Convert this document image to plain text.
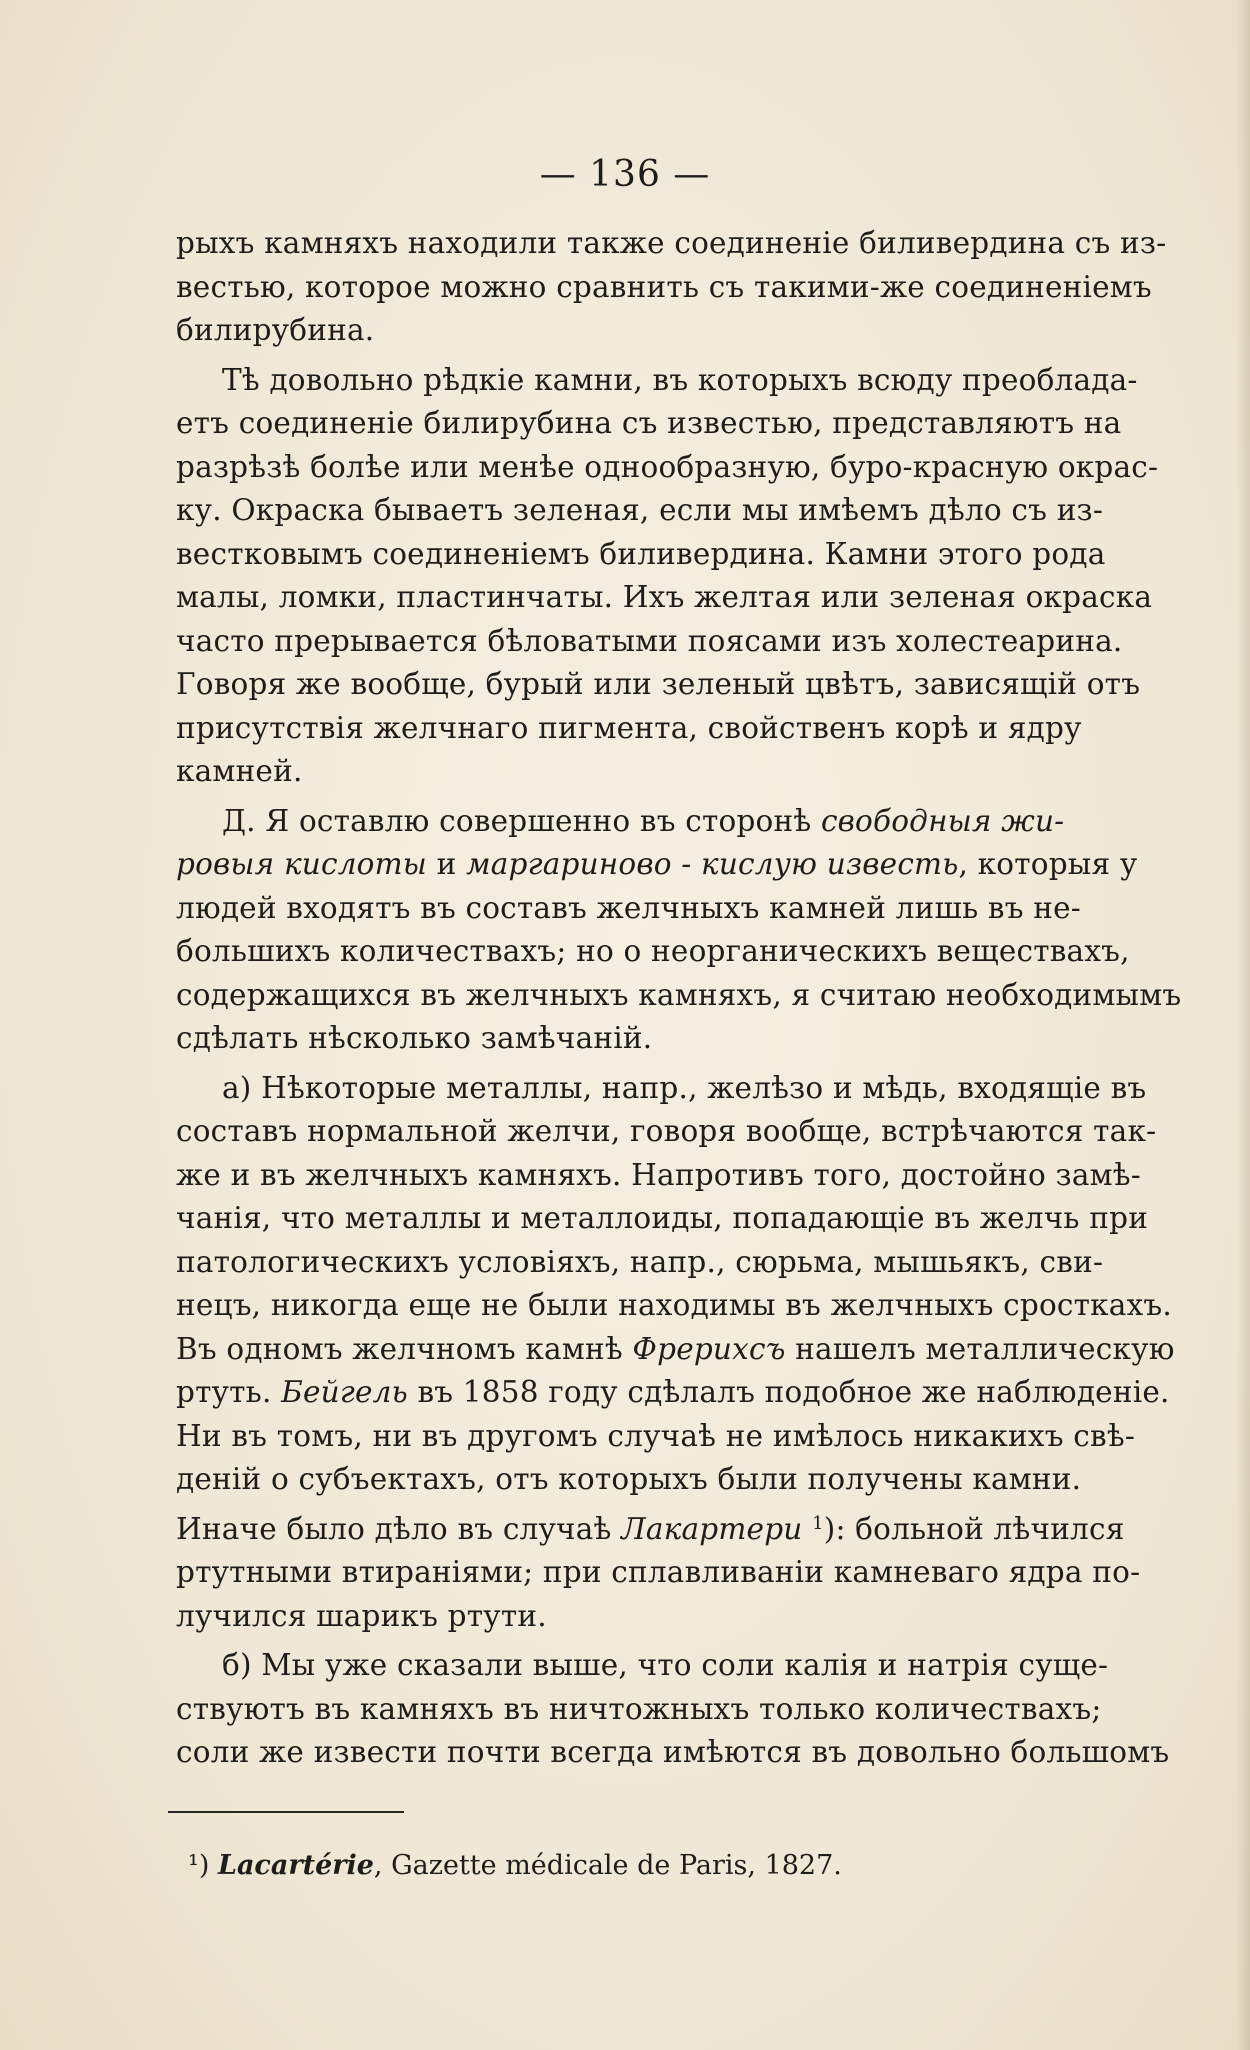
— 136 —
рыхъ камняхъ находили также соединеніе биливердина съ из-
вестью, которое можно сравнить съ такими-же соединеніемъ
билирубина.
Тѣ довольно рѣдкіе камни, въ которыхъ всюду преоблада-
етъ соединеніе билирубина съ известью, представляютъ на
разрѣзѣ болѣе или менѣе однообразную, буро-красную окрас-
ку. Окраска бываетъ зеленая, если мы имѣемъ дѣло съ из-
вестковымъ соединеніемъ биливердина. Камни этого рода
малы, ломки, пластинчаты. Ихъ желтая или зеленая окраска
часто прерывается бѣловатыми поясами изъ холестеарина.
Говоря же вообще, бурый или зеленый цвѣтъ, зависящій отъ
присутствія желчнаго пигмента, свойственъ корѣ и ядру
камней.
Д. Я оставлю совершенно въ сторонѣ свободныя жи-
ровыя кислоты и маргариново - кислую известь, которыя у
людей входятъ въ составъ желчныхъ камней лишь въ не-
большихъ количествахъ; но о неорганическихъ веществахъ,
содержащихся въ желчныхъ камняхъ, я считаю необходимымъ
сдѣлать нѣсколько замѣчаній.
а) Нѣкоторые металлы, напр., желѣзо и мѣдь, входящіе въ
составъ нормальной желчи, говоря вообще, встрѣчаются так-
же и въ желчныхъ камняхъ. Напротивъ того, достойно замѣ-
чанія, что металлы и металлоиды, попадающіе въ желчь при
патологическихъ условіяхъ, напр., сюрьма, мышьякъ, сви-
нецъ, никогда еще не были находимы въ желчныхъ сросткахъ.
Въ одномъ желчномъ камнѣ Фрерихсъ нашелъ металлическую
ртуть. Бейгель въ 1858 году сдѣлалъ подобное же наблюденіе.
Ни въ томъ, ни въ другомъ случаѣ не имѣлось никакихъ свѣ-
деній о субъектахъ, отъ которыхъ были получены камни.
Иначе было дѣло въ случаѣ Лакартери $^1$): больной лѣчился
ртутными втираніями; при сплавливаніи камневаго ядра по-
лучился шарикъ ртути.
б) Мы уже сказали выше, что соли калія и натрія суще-
ствуютъ въ камняхъ въ ничтожныхъ только количествахъ;
соли же извести почти всегда имѣются въ довольно большомъ
¹) Lacartérie, Gazette médicale de Paris, 1827.
